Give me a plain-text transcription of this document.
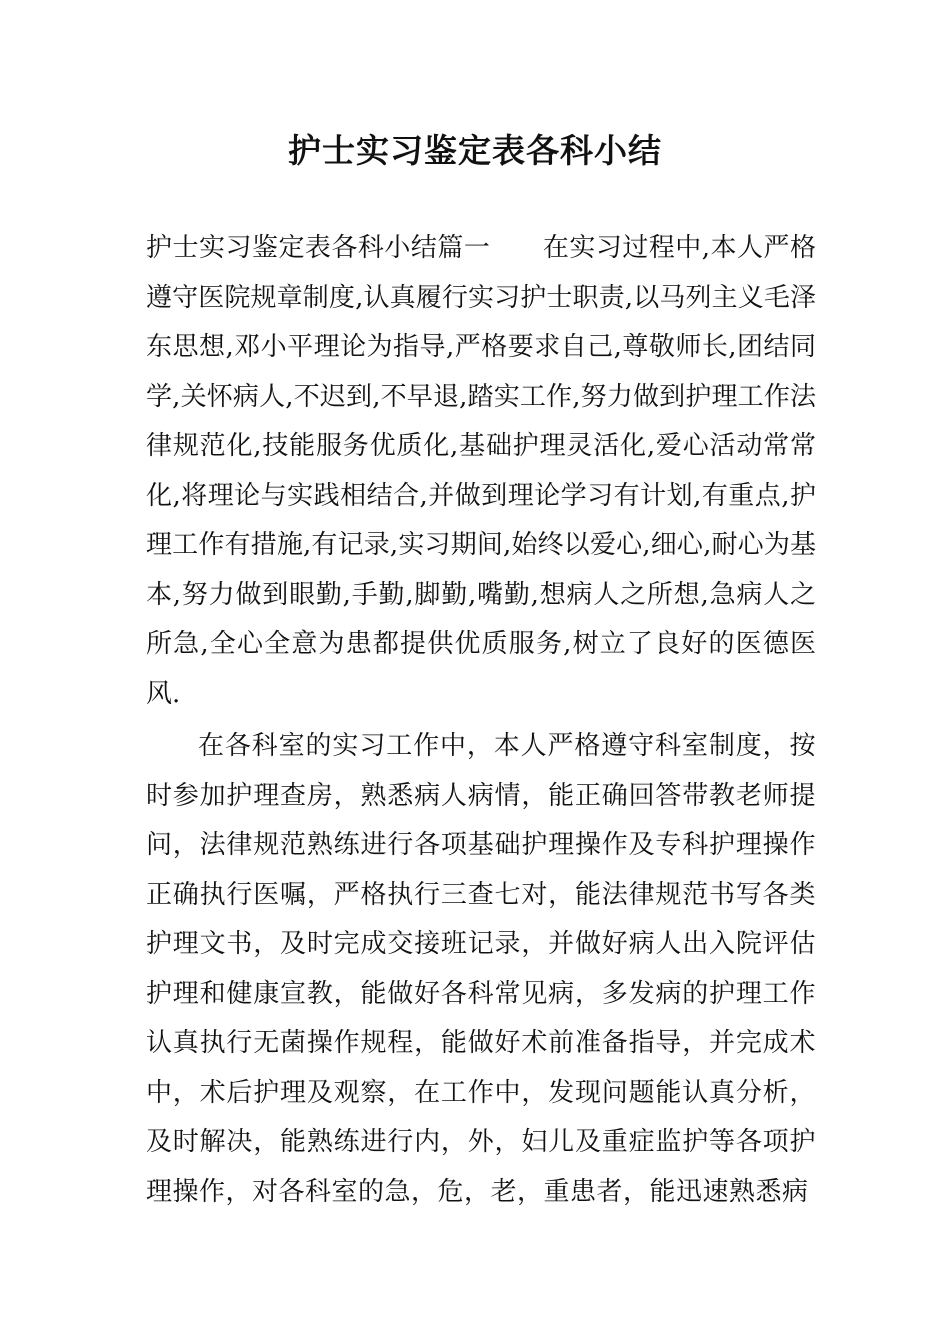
护士实习鉴定表各科小结

护士实习鉴定表各科小结篇一 在实习过程中,本人严格遵守医院规章制度,认真履行实习护士职责,以马列主义毛泽东思想,邓小平理论为指导,严格要求自己,尊敬师长,团结同学,关怀病人,不迟到,不早退,踏实工作,努力做到护理工作法律规范化,技能服务优质化,基础护理灵活化,爱心活动常常化,将理论与实践相结合,并做到理论学习有计划,有重点,护理工作有措施,有记录,实习期间,始终以爱心,细心,耐心为基本,努力做到眼勤,手勤,脚勤,嘴勤,想病人之所想,急病人之所急,全心全意为患都提供优质服务,树立了良好的医德医风.

在各科室的实习工作中，本人严格遵守科室制度，按时参加护理查房，熟悉病人病情，能正确回答带教老师提问，法律规范熟练进行各项基础护理操作及专科护理操作正确执行医嘱，严格执行三查七对，能法律规范书写各类护理文书，及时完成交接班记录，并做好病人出入院评估护理和健康宣教，能做好各科常见病，多发病的护理工作认真执行无菌操作规程，能做好术前准备指导，并完成术中，术后护理及观察，在工作中，发现问题能认真分析，及时解决，能熟练进行内，外，妇儿及重症监护等各项护理操作，对各科室的急，危，老，重患者，能迅速熟悉病
